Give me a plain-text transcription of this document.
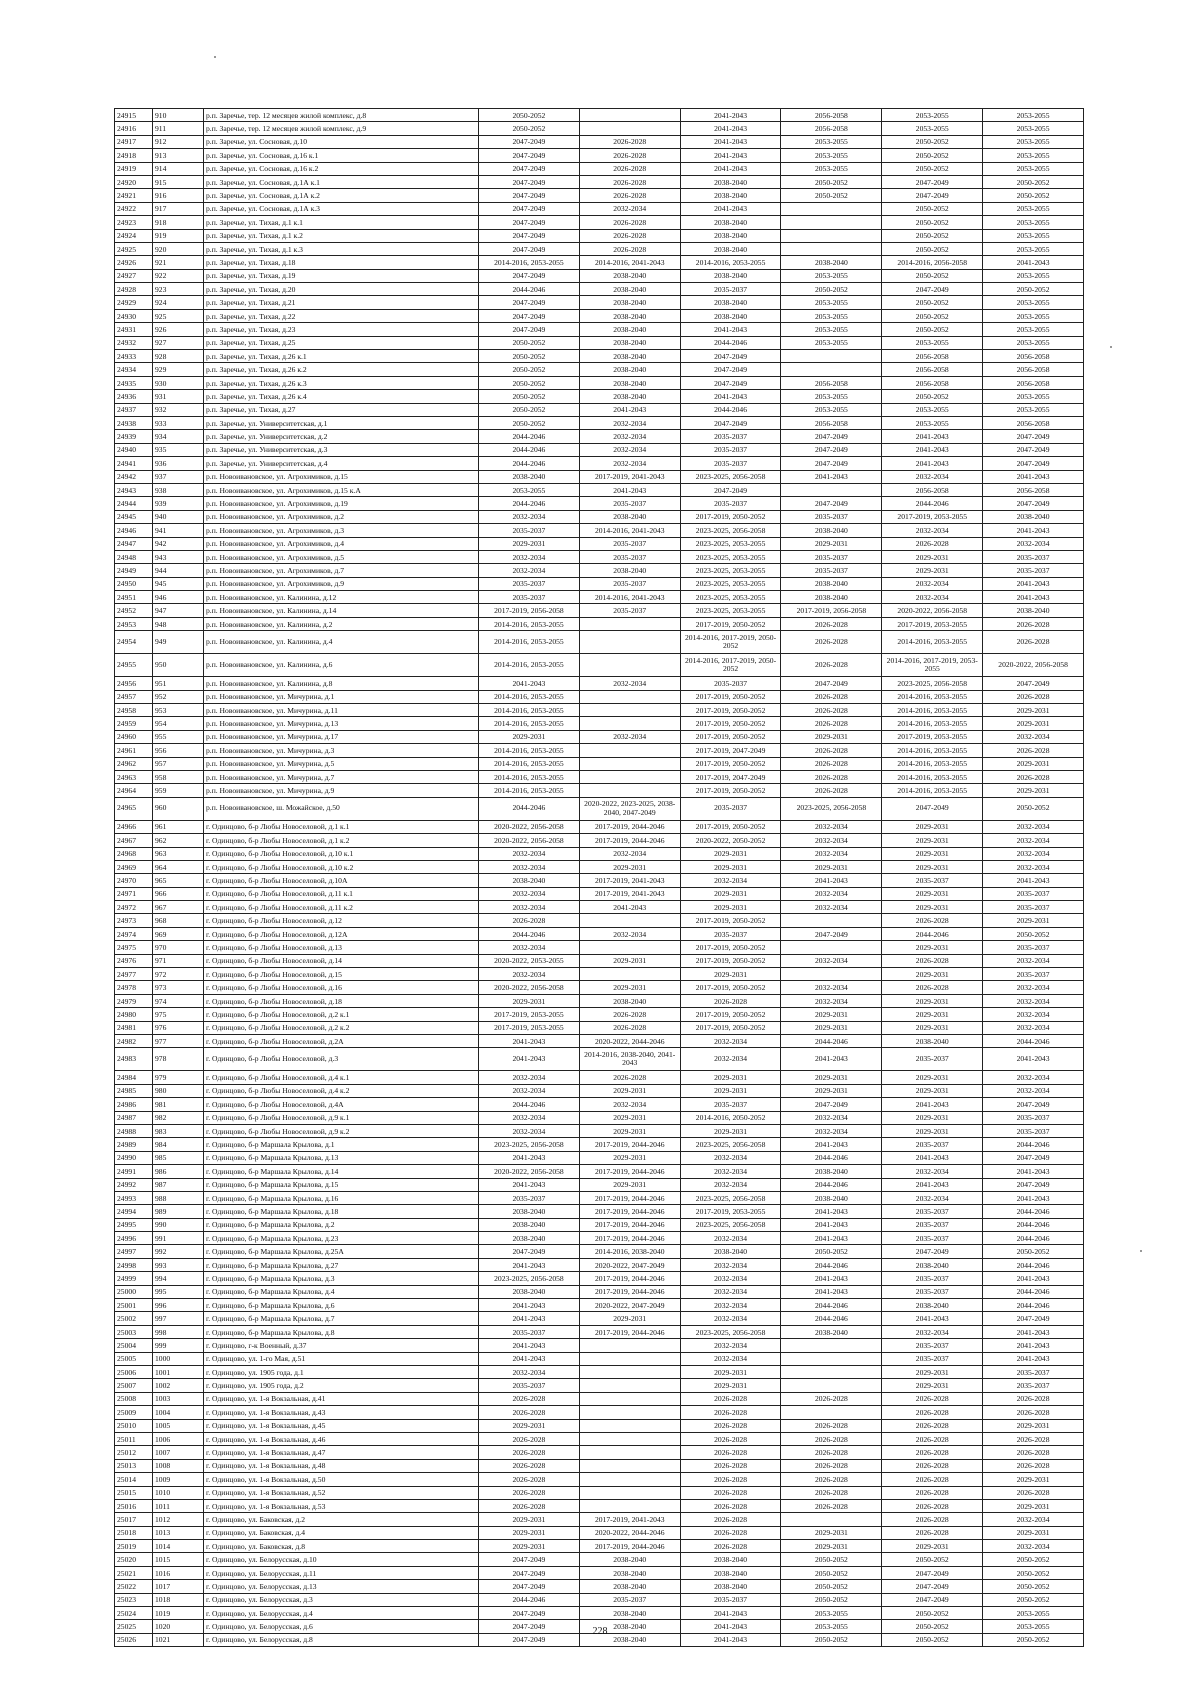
24915	910	р.п. Заречье, тер. 12 месяцев жилой комплекс, д.8	2050-2052		2041-2043	2056-2058	2053-2055	2053-2055
24916	911	р.п. Заречье, тер. 12 месяцев жилой комплекс, д.9	2050-2052		2041-2043	2056-2058	2053-2055	2053-2055
24917	912	р.п. Заречье, ул. Сосновая, д.10	2047-2049	2026-2028	2041-2043	2053-2055	2050-2052	2053-2055
24918	913	р.п. Заречье, ул. Сосновая, д.16 к.1	2047-2049	2026-2028	2041-2043	2053-2055	2050-2052	2053-2055
24919	914	р.п. Заречье, ул. Сосновая, д.16 к.2	2047-2049	2026-2028	2041-2043	2053-2055	2050-2052	2053-2055
24920	915	р.п. Заречье, ул. Сосновая, д.1А к.1	2047-2049	2026-2028	2038-2040	2050-2052	2047-2049	2050-2052
24921	916	р.п. Заречье, ул. Сосновая, д.1А к.2	2047-2049	2026-2028	2038-2040	2050-2052	2047-2049	2050-2052
24922	917	р.п. Заречье, ул. Сосновая, д.1А к.3	2047-2049	2032-2034	2041-2043		2050-2052	2053-2055
24923	918	р.п. Заречье, ул. Тихая, д.1 к.1	2047-2049	2026-2028	2038-2040		2050-2052	2053-2055
24924	919	р.п. Заречье, ул. Тихая, д.1 к.2	2047-2049	2026-2028	2038-2040		2050-2052	2053-2055
24925	920	р.п. Заречье, ул. Тихая, д.1 к.3	2047-2049	2026-2028	2038-2040		2050-2052	2053-2055
24926	921	р.п. Заречье, ул. Тихая, д.18	2014-2016, 2053-2055	2014-2016, 2041-2043	2014-2016, 2053-2055	2038-2040	2014-2016, 2056-2058	2041-2043
24927	922	р.п. Заречье, ул. Тихая, д.19	2047-2049	2038-2040	2038-2040	2053-2055	2050-2052	2053-2055
24928	923	р.п. Заречье, ул. Тихая, д.20	2044-2046	2038-2040	2035-2037	2050-2052	2047-2049	2050-2052
24929	924	р.п. Заречье, ул. Тихая, д.21	2047-2049	2038-2040	2038-2040	2053-2055	2050-2052	2053-2055
24930	925	р.п. Заречье, ул. Тихая, д.22	2047-2049	2038-2040	2038-2040	2053-2055	2050-2052	2053-2055
24931	926	р.п. Заречье, ул. Тихая, д.23	2047-2049	2038-2040	2041-2043	2053-2055	2050-2052	2053-2055
24932	927	р.п. Заречье, ул. Тихая, д.25	2050-2052	2038-2040	2044-2046	2053-2055	2053-2055	2053-2055
24933	928	р.п. Заречье, ул. Тихая, д.26 к.1	2050-2052	2038-2040	2047-2049		2056-2058	2056-2058
24934	929	р.п. Заречье, ул. Тихая, д.26 к.2	2050-2052	2038-2040	2047-2049		2056-2058	2056-2058
24935	930	р.п. Заречье, ул. Тихая, д.26 к.3	2050-2052	2038-2040	2047-2049	2056-2058	2056-2058	2056-2058
24936	931	р.п. Заречье, ул. Тихая, д.26 к.4	2050-2052	2038-2040	2041-2043	2053-2055	2050-2052	2053-2055
24937	932	р.п. Заречье, ул. Тихая, д.27	2050-2052	2041-2043	2044-2046	2053-2055	2053-2055	2053-2055
24938	933	р.п. Заречье, ул. Университетская, д.1	2050-2052	2032-2034	2047-2049	2056-2058	2053-2055	2056-2058
24939	934	р.п. Заречье, ул. Университетская, д.2	2044-2046	2032-2034	2035-2037	2047-2049	2041-2043	2047-2049
24940	935	р.п. Заречье, ул. Университетская, д.3	2044-2046	2032-2034	2035-2037	2047-2049	2041-2043	2047-2049
24941	936	р.п. Заречье, ул. Университетская, д.4	2044-2046	2032-2034	2035-2037	2047-2049	2041-2043	2047-2049
24942	937	р.п. Новоивановское, ул. Агрохимиков, д.15	2038-2040	2017-2019, 2041-2043	2023-2025, 2056-2058	2041-2043	2032-2034	2041-2043
24943	938	р.п. Новоивановское, ул. Агрохимиков, д.15 к.А	2053-2055	2041-2043	2047-2049		2056-2058	2056-2058
24944	939	р.п. Новоивановское, ул. Агрохимиков, д.19	2044-2046	2035-2037	2035-2037	2047-2049	2044-2046	2047-2049
24945	940	р.п. Новоивановское, ул. Агрохимиков, д.2	2032-2034	2038-2040	2017-2019, 2050-2052	2035-2037	2017-2019, 2053-2055	2038-2040
24946	941	р.п. Новоивановское, ул. Агрохимиков, д.3	2035-2037	2014-2016, 2041-2043	2023-2025, 2056-2058	2038-2040	2032-2034	2041-2043
24947	942	р.п. Новоивановское, ул. Агрохимиков, д.4	2029-2031	2035-2037	2023-2025, 2053-2055	2029-2031	2026-2028	2032-2034
24948	943	р.п. Новоивановское, ул. Агрохимиков, д.5	2032-2034	2035-2037	2023-2025, 2053-2055	2035-2037	2029-2031	2035-2037
24949	944	р.п. Новоивановское, ул. Агрохимиков, д.7	2032-2034	2038-2040	2023-2025, 2053-2055	2035-2037	2029-2031	2035-2037
24950	945	р.п. Новоивановское, ул. Агрохимиков, д.9	2035-2037	2035-2037	2023-2025, 2053-2055	2038-2040	2032-2034	2041-2043
24951	946	р.п. Новоивановское, ул. Калинина, д.12	2035-2037	2014-2016, 2041-2043	2023-2025, 2053-2055	2038-2040	2032-2034	2041-2043
24952	947	р.п. Новоивановское, ул. Калинина, д.14	2017-2019, 2056-2058	2035-2037	2023-2025, 2053-2055	2017-2019, 2056-2058	2020-2022, 2056-2058	2038-2040
24953	948	р.п. Новоивановское, ул. Калинина, д.2	2014-2016, 2053-2055		2017-2019, 2050-2052	2026-2028	2017-2019, 2053-2055	2026-2028
24954	949	р.п. Новоивановское, ул. Калинина, д.4	2014-2016, 2053-2055		2014-2016, 2017-2019, 2050-2052	2026-2028	2014-2016, 2053-2055	2026-2028
24955	950	р.п. Новоивановское, ул. Калинина, д.6	2014-2016, 2053-2055		2014-2016, 2017-2019, 2050-2052	2026-2028	2014-2016, 2017-2019, 2053-2055	2020-2022, 2056-2058
24956	951	р.п. Новоивановское, ул. Калинина, д.8	2041-2043	2032-2034	2035-2037	2047-2049	2023-2025, 2056-2058	2047-2049
24957	952	р.п. Новоивановское, ул. Мичурина, д.1	2014-2016, 2053-2055		2017-2019, 2050-2052	2026-2028	2014-2016, 2053-2055	2026-2028
24958	953	р.п. Новоивановское, ул. Мичурина, д.11	2014-2016, 2053-2055		2017-2019, 2050-2052	2026-2028	2014-2016, 2053-2055	2029-2031
24959	954	р.п. Новоивановское, ул. Мичурина, д.13	2014-2016, 2053-2055		2017-2019, 2050-2052	2026-2028	2014-2016, 2053-2055	2029-2031
24960	955	р.п. Новоивановское, ул. Мичурина, д.17	2029-2031	2032-2034	2017-2019, 2050-2052	2029-2031	2017-2019, 2053-2055	2032-2034
24961	956	р.п. Новоивановское, ул. Мичурина, д.3	2014-2016, 2053-2055		2017-2019, 2047-2049	2026-2028	2014-2016, 2053-2055	2026-2028
24962	957	р.п. Новоивановское, ул. Мичурина, д.5	2014-2016, 2053-2055		2017-2019, 2050-2052	2026-2028	2014-2016, 2053-2055	2029-2031
24963	958	р.п. Новоивановское, ул. Мичурина, д.7	2014-2016, 2053-2055		2017-2019, 2047-2049	2026-2028	2014-2016, 2053-2055	2026-2028
24964	959	р.п. Новоивановское, ул. Мичурина, д.9	2014-2016, 2053-2055		2017-2019, 2050-2052	2026-2028	2014-2016, 2053-2055	2029-2031
24965	960	р.п. Новоивановское, ш. Можайское, д.50	2044-2046	2020-2022, 2023-2025, 2038-2040, 2047-2049	2035-2037	2023-2025, 2056-2058	2047-2049	2050-2052
24966	961	г. Одинцово, б-р Любы Новоселовой, д.1 к.1	2020-2022, 2056-2058	2017-2019, 2044-2046	2017-2019, 2050-2052	2032-2034	2029-2031	2032-2034
24967	962	г. Одинцово, б-р Любы Новоселовой, д.1 к.2	2020-2022, 2056-2058	2017-2019, 2044-2046	2020-2022, 2050-2052	2032-2034	2029-2031	2032-2034
24968	963	г. Одинцово, б-р Любы Новоселовой, д.10 к.1	2032-2034	2032-2034	2029-2031	2032-2034	2029-2031	2032-2034
24969	964	г. Одинцово, б-р Любы Новоселовой, д.10 к.2	2032-2034	2029-2031	2029-2031	2029-2031	2029-2031	2032-2034
24970	965	г. Одинцово, б-р Любы Новоселовой, д.10А	2038-2040	2017-2019, 2041-2043	2032-2034	2041-2043	2035-2037	2041-2043
24971	966	г. Одинцово, б-р Любы Новоселовой, д.11 к.1	2032-2034	2017-2019, 2041-2043	2029-2031	2032-2034	2029-2031	2035-2037
24972	967	г. Одинцово, б-р Любы Новоселовой, д.11 к.2	2032-2034	2041-2043	2029-2031	2032-2034	2029-2031	2035-2037
24973	968	г. Одинцово, б-р Любы Новоселовой, д.12	2026-2028		2017-2019, 2050-2052		2026-2028	2029-2031
24974	969	г. Одинцово, б-р Любы Новоселовой, д.12А	2044-2046	2032-2034	2035-2037	2047-2049	2044-2046	2050-2052
24975	970	г. Одинцово, б-р Любы Новоселовой, д.13	2032-2034		2017-2019, 2050-2052		2029-2031	2035-2037
24976	971	г. Одинцово, б-р Любы Новоселовой, д.14	2020-2022, 2053-2055	2029-2031	2017-2019, 2050-2052	2032-2034	2026-2028	2032-2034
24977	972	г. Одинцово, б-р Любы Новоселовой, д.15	2032-2034		2029-2031		2029-2031	2035-2037
24978	973	г. Одинцово, б-р Любы Новоселовой, д.16	2020-2022, 2056-2058	2029-2031	2017-2019, 2050-2052	2032-2034	2026-2028	2032-2034
24979	974	г. Одинцово, б-р Любы Новоселовой, д.18	2029-2031	2038-2040	2026-2028	2032-2034	2029-2031	2032-2034
24980	975	г. Одинцово, б-р Любы Новоселовой, д.2 к.1	2017-2019, 2053-2055	2026-2028	2017-2019, 2050-2052	2029-2031	2029-2031	2032-2034
24981	976	г. Одинцово, б-р Любы Новоселовой, д.2 к.2	2017-2019, 2053-2055	2026-2028	2017-2019, 2050-2052	2029-2031	2029-2031	2032-2034
24982	977	г. Одинцово, б-р Любы Новоселовой, д.2А	2041-2043	2020-2022, 2044-2046	2032-2034	2044-2046	2038-2040	2044-2046
24983	978	г. Одинцово, б-р Любы Новоселовой, д.3	2041-2043	2014-2016, 2038-2040, 2041-2043	2032-2034	2041-2043	2035-2037	2041-2043
24984	979	г. Одинцово, б-р Любы Новоселовой, д.4 к.1	2032-2034	2026-2028	2029-2031	2029-2031	2029-2031	2032-2034
24985	980	г. Одинцово, б-р Любы Новоселовой, д.4 к.2	2032-2034	2029-2031	2029-2031	2029-2031	2029-2031	2032-2034
24986	981	г. Одинцово, б-р Любы Новоселовой, д.4А	2044-2046	2032-2034	2035-2037	2047-2049	2041-2043	2047-2049
24987	982	г. Одинцово, б-р Любы Новоселовой, д.9 к.1	2032-2034	2029-2031	2014-2016, 2050-2052	2032-2034	2029-2031	2035-2037
24988	983	г. Одинцово, б-р Любы Новоселовой, д.9 к.2	2032-2034	2029-2031	2029-2031	2032-2034	2029-2031	2035-2037
24989	984	г. Одинцово, б-р Маршала Крылова, д.1	2023-2025, 2056-2058	2017-2019, 2044-2046	2023-2025, 2056-2058	2041-2043	2035-2037	2044-2046
24990	985	г. Одинцово, б-р Маршала Крылова, д.13	2041-2043	2029-2031	2032-2034	2044-2046	2041-2043	2047-2049
24991	986	г. Одинцово, б-р Маршала Крылова, д.14	2020-2022, 2056-2058	2017-2019, 2044-2046	2032-2034	2038-2040	2032-2034	2041-2043
24992	987	г. Одинцово, б-р Маршала Крылова, д.15	2041-2043	2029-2031	2032-2034	2044-2046	2041-2043	2047-2049
24993	988	г. Одинцово, б-р Маршала Крылова, д.16	2035-2037	2017-2019, 2044-2046	2023-2025, 2056-2058	2038-2040	2032-2034	2041-2043
24994	989	г. Одинцово, б-р Маршала Крылова, д.18	2038-2040	2017-2019, 2044-2046	2017-2019, 2053-2055	2041-2043	2035-2037	2044-2046
24995	990	г. Одинцово, б-р Маршала Крылова, д.2	2038-2040	2017-2019, 2044-2046	2023-2025, 2056-2058	2041-2043	2035-2037	2044-2046
24996	991	г. Одинцово, б-р Маршала Крылова, д.23	2038-2040	2017-2019, 2044-2046	2032-2034	2041-2043	2035-2037	2044-2046
24997	992	г. Одинцово, б-р Маршала Крылова, д.25А	2047-2049	2014-2016, 2038-2040	2038-2040	2050-2052	2047-2049	2050-2052
24998	993	г. Одинцово, б-р Маршала Крылова, д.27	2041-2043	2020-2022, 2047-2049	2032-2034	2044-2046	2038-2040	2044-2046
24999	994	г. Одинцово, б-р Маршала Крылова, д.3	2023-2025, 2056-2058	2017-2019, 2044-2046	2032-2034	2041-2043	2035-2037	2041-2043
25000	995	г. Одинцово, б-р Маршала Крылова, д.4	2038-2040	2017-2019, 2044-2046	2032-2034	2041-2043	2035-2037	2044-2046
25001	996	г. Одинцово, б-р Маршала Крылова, д.6	2041-2043	2020-2022, 2047-2049	2032-2034	2044-2046	2038-2040	2044-2046
25002	997	г. Одинцово, б-р Маршала Крылова, д.7	2041-2043	2029-2031	2032-2034	2044-2046	2041-2043	2047-2049
25003	998	г. Одинцово, б-р Маршала Крылова, д.8	2035-2037	2017-2019, 2044-2046	2023-2025, 2056-2058	2038-2040	2032-2034	2041-2043
25004	999	г. Одинцово, г-к Военный, д.37	2041-2043		2032-2034		2035-2037	2041-2043
25005	1000	г. Одинцово, ул. 1-го Мая, д.51	2041-2043		2032-2034		2035-2037	2041-2043
25006	1001	г. Одинцово, ул. 1905 года, д.1	2032-2034		2029-2031		2029-2031	2035-2037
25007	1002	г. Одинцово, ул. 1905 года, д.2	2035-2037		2029-2031		2029-2031	2035-2037
25008	1003	г. Одинцово, ул. 1-я Вокзальная, д.41	2026-2028		2026-2028	2026-2028	2026-2028	2026-2028
25009	1004	г. Одинцово, ул. 1-я Вокзальная, д.43	2026-2028		2026-2028		2026-2028	2026-2028
25010	1005	г. Одинцово, ул. 1-я Вокзальная, д.45	2029-2031		2026-2028	2026-2028	2026-2028	2029-2031
25011	1006	г. Одинцово, ул. 1-я Вокзальная, д.46	2026-2028		2026-2028	2026-2028	2026-2028	2026-2028
25012	1007	г. Одинцово, ул. 1-я Вокзальная, д.47	2026-2028		2026-2028	2026-2028	2026-2028	2026-2028
25013	1008	г. Одинцово, ул. 1-я Вокзальная, д.48	2026-2028		2026-2028	2026-2028	2026-2028	2026-2028
25014	1009	г. Одинцово, ул. 1-я Вокзальная, д.50	2026-2028		2026-2028	2026-2028	2026-2028	2029-2031
25015	1010	г. Одинцово, ул. 1-я Вокзальная, д.52	2026-2028		2026-2028	2026-2028	2026-2028	2026-2028
25016	1011	г. Одинцово, ул. 1-я Вокзальная, д.53	2026-2028		2026-2028	2026-2028	2026-2028	2029-2031
25017	1012	г. Одинцово, ул. Баковская, д.2	2029-2031	2017-2019, 2041-2043	2026-2028		2026-2028	2032-2034
25018	1013	г. Одинцово, ул. Баковская, д.4	2029-2031	2020-2022, 2044-2046	2026-2028	2029-2031	2026-2028	2029-2031
25019	1014	г. Одинцово, ул. Баковская, д.8	2029-2031	2017-2019, 2044-2046	2026-2028	2029-2031	2029-2031	2032-2034
25020	1015	г. Одинцово, ул. Белорусская, д.10	2047-2049	2038-2040	2038-2040	2050-2052	2050-2052	2050-2052
25021	1016	г. Одинцово, ул. Белорусская, д.11	2047-2049	2038-2040	2038-2040	2050-2052	2047-2049	2050-2052
25022	1017	г. Одинцово, ул. Белорусская, д.13	2047-2049	2038-2040	2038-2040	2050-2052	2047-2049	2050-2052
25023	1018	г. Одинцово, ул. Белорусская, д.3	2044-2046	2035-2037	2035-2037	2050-2052	2047-2049	2050-2052
25024	1019	г. Одинцово, ул. Белорусская, д.4	2047-2049	2038-2040	2041-2043	2053-2055	2050-2052	2053-2055
25025	1020	г. Одинцово, ул. Белорусская, д.6	2047-2049	2038-2040	2041-2043	2053-2055	2050-2052	2053-2055
25026	1021	г. Одинцово, ул. Белорусская, д.8	2047-2049	2038-2040	2041-2043	2050-2052	2050-2052	2050-2052
228
